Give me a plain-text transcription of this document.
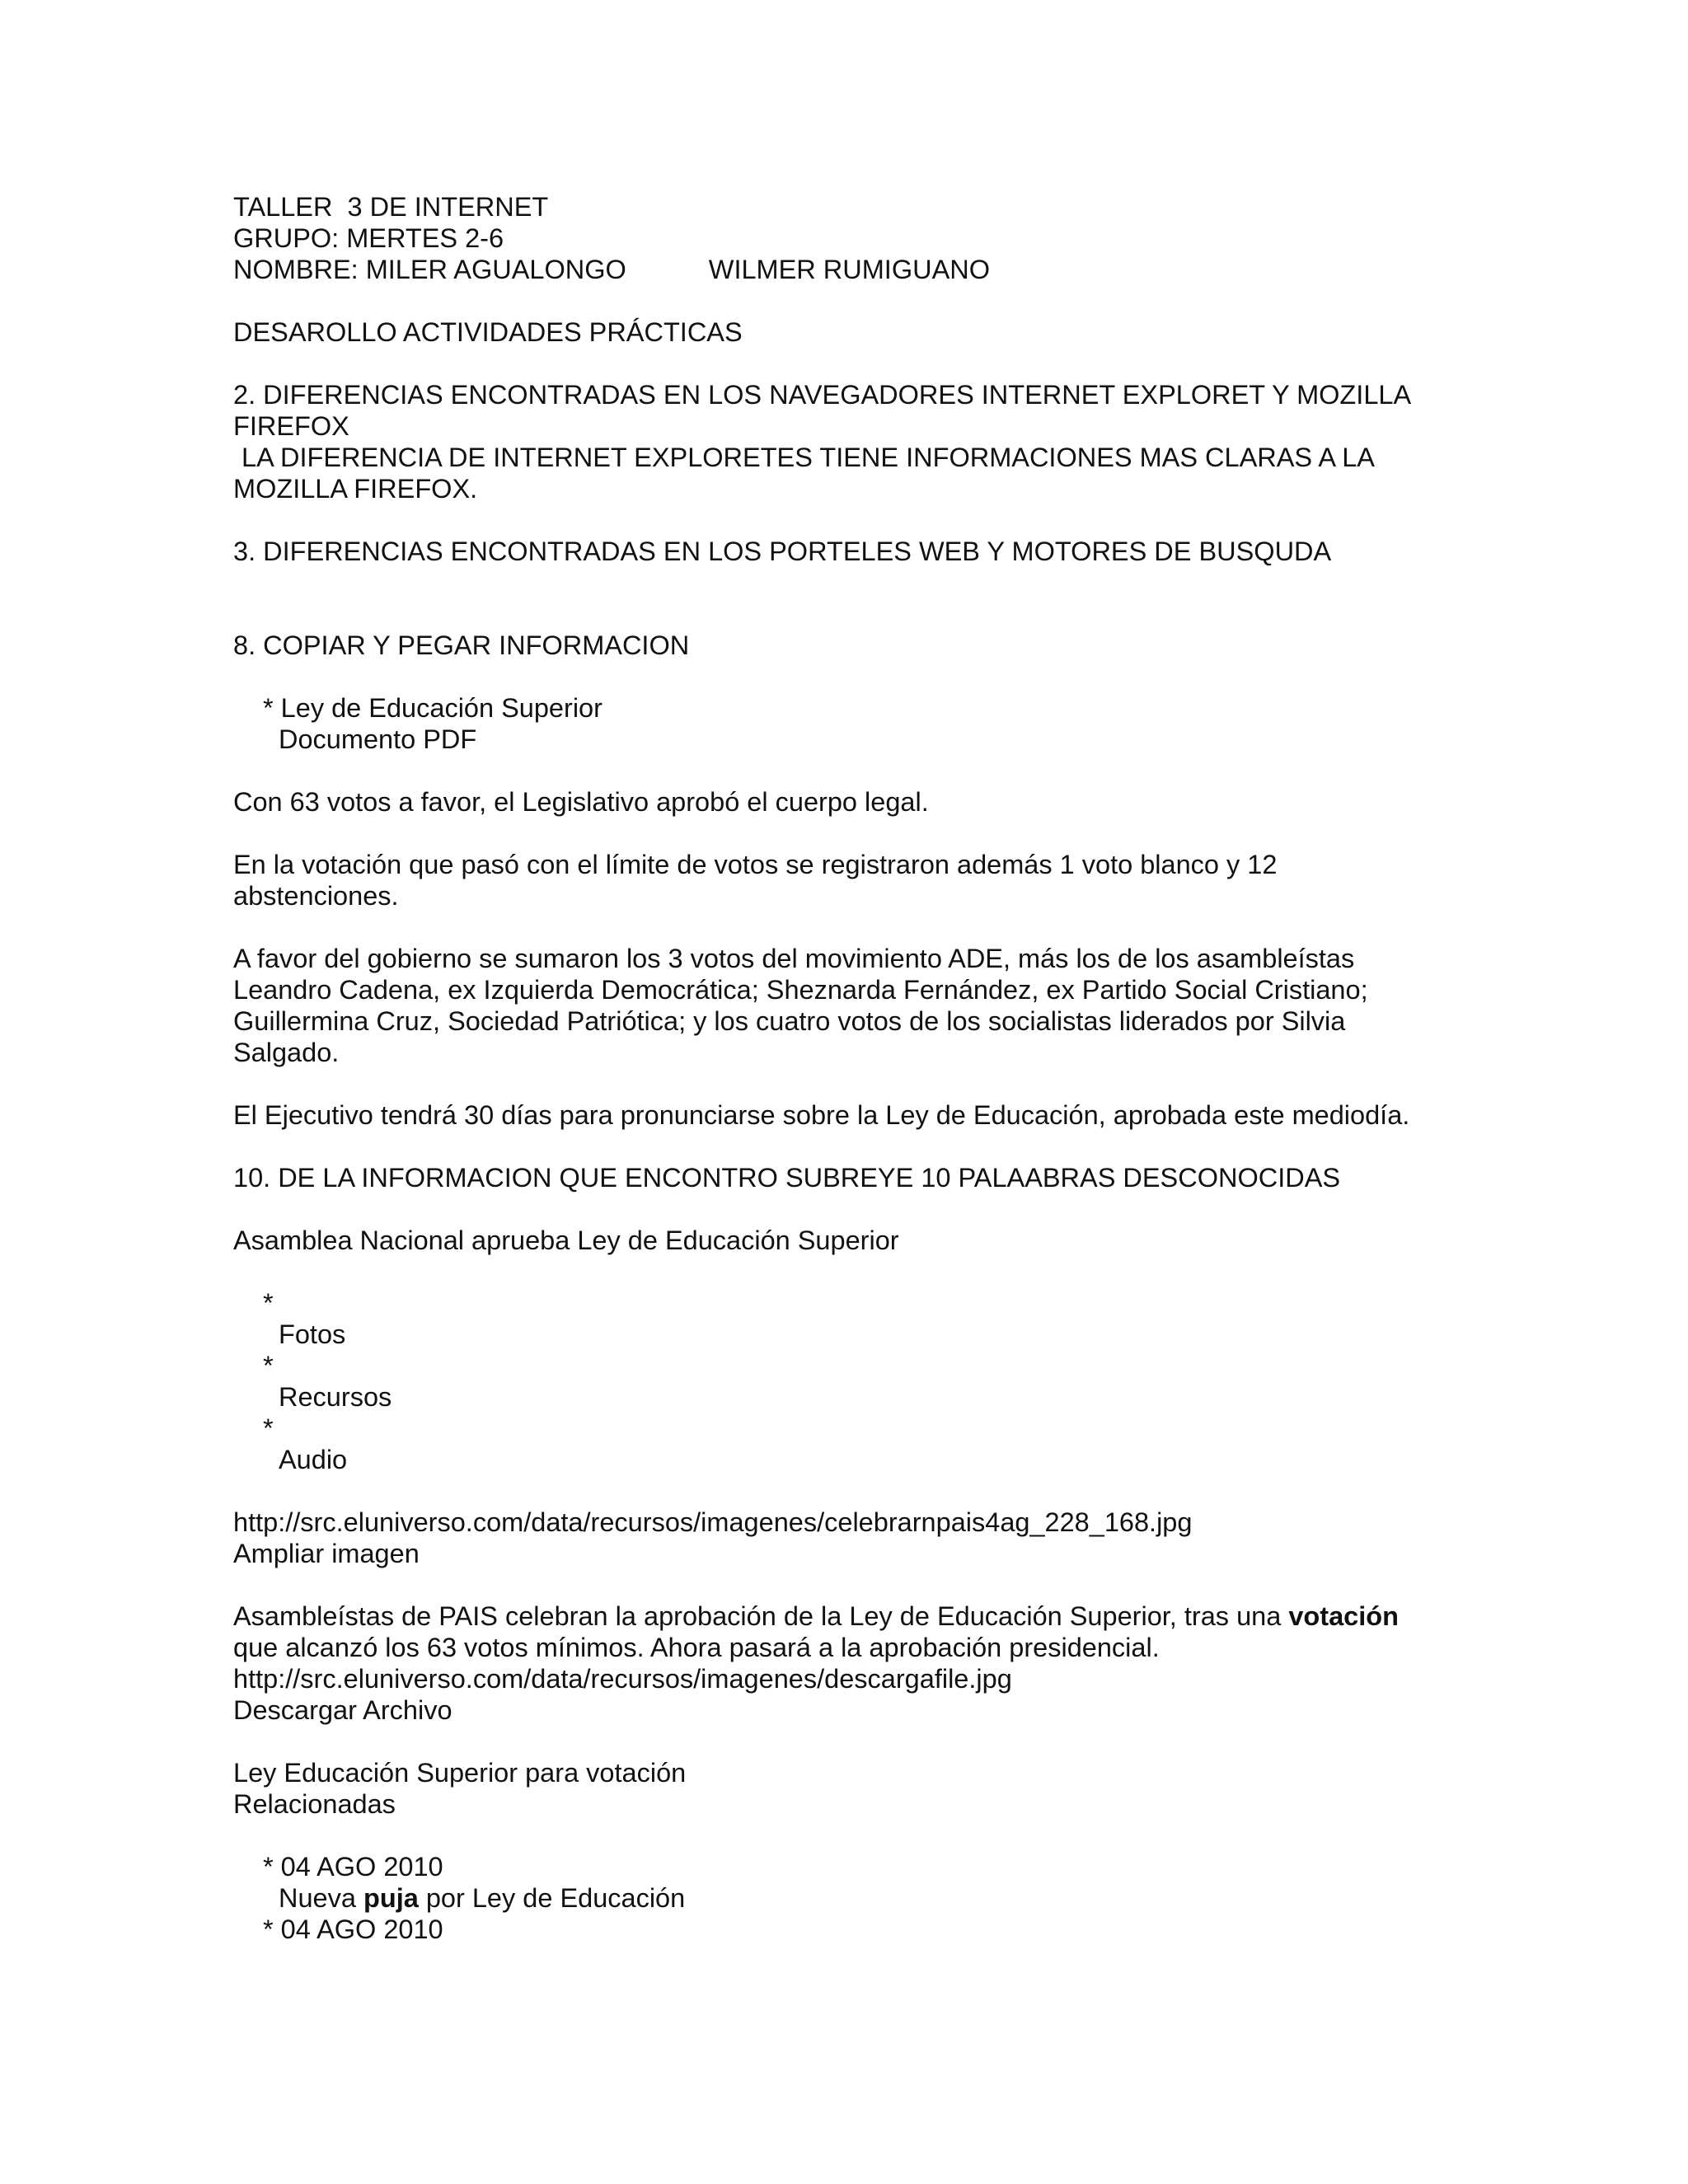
TALLER  3 DE INTERNET
GRUPO: MERTES 2-6
NOMBRE: MILER AGUALONGO	WILMER RUMIGUANO
DESAROLLO ACTIVIDADES PRÁCTICAS
2. DIFERENCIAS ENCONTRADAS EN LOS NAVEGADORES INTERNET EXPLORET Y MOZILLA
FIREFOX
LA DIFERENCIA DE INTERNET EXPLORETES TIENE INFORMACIONES MAS CLARAS A LA
MOZILLA FIREFOX.
3. DIFERENCIAS ENCONTRADAS EN LOS PORTELES WEB Y MOTORES DE BUSQUDA
8. COPIAR Y PEGAR INFORMACION
* Ley de Educación Superior
Documento PDF
Con 63 votos a favor, el Legislativo aprobó el cuerpo legal.
En la votación que pasó con el límite de votos se registraron además 1 voto blanco y 12
abstenciones.
A favor del gobierno se sumaron los 3 votos del movimiento ADE, más los de los asambleístas
Leandro Cadena, ex Izquierda Democrática; Sheznarda Fernández, ex Partido Social Cristiano;
Guillermina Cruz, Sociedad Patriótica; y los cuatro votos de los socialistas liderados por Silvia
Salgado.
El Ejecutivo tendrá 30 días para pronunciarse sobre la Ley de Educación, aprobada este mediodía.
10. DE LA INFORMACION QUE ENCONTRO SUBREYE 10 PALAABRAS DESCONOCIDAS
Asamblea Nacional aprueba Ley de Educación Superior
*
Fotos
*
Recursos
*
Audio
http://src.eluniverso.com/data/recursos/imagenes/celebrarnpais4ag_228_168.jpg
Ampliar imagen
Asambleístas de PAIS celebran la aprobación de la Ley de Educación Superior, tras una votación
que alcanzó los 63 votos mínimos. Ahora pasará a la aprobación presidencial.
http://src.eluniverso.com/data/recursos/imagenes/descargafile.jpg
Descargar Archivo
Ley Educación Superior para votación
Relacionadas
* 04 AGO 2010
Nueva puja por Ley de Educación
* 04 AGO 2010
